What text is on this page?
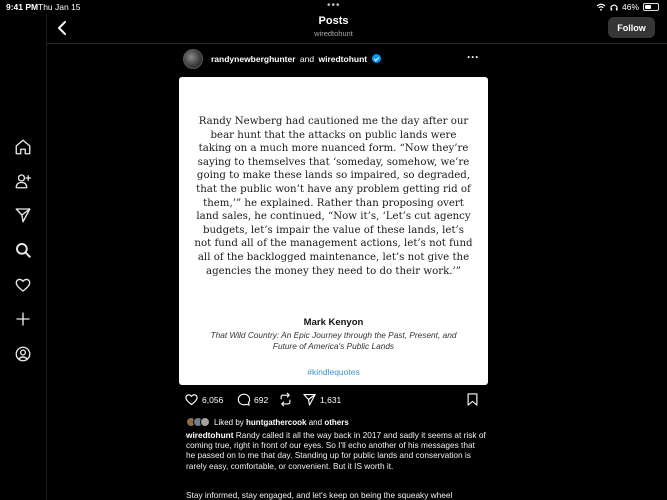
9:41 PM Thu Jan 15	•••	46%
Posts
wiredtohunt
Follow
randynewberghunter and wiredtohunt	···
Randy Newberg had cautioned me the day after our bear hunt that the attacks on public lands were taking on a much more nuanced form. “Now they’re saying to themselves that ‘someday, somehow, we’re going to make these lands so impaired, so degraded, that the public won’t have any problem getting rid of them,’” he explained. Rather than proposing overt land sales, he continued, “Now it’s, ‘Let’s cut agency budgets, let’s impair the value of these lands, let’s not fund all of the management actions, let’s not fund all of the backlogged maintenance, let’s not give the agencies the money they need to do their work.’”
Mark Kenyon
That Wild Country: An Epic Journey through the Past, Present, and Future of America's Public Lands
#kindlequotes
6,056	692	1,631
Liked by
huntgathercook
and
others
wiredtohunt Randy called it all the way back in 2017 and sadly it seems at risk of coming true, right in front of our eyes. So I'll echo another of his messages that he passed on to me that day. Standing up for public lands and conservation is rarely easy, comfortable, or convenient. But it IS worth it.
Stay informed, stay engaged, and let's keep on being the squeaky wheel
